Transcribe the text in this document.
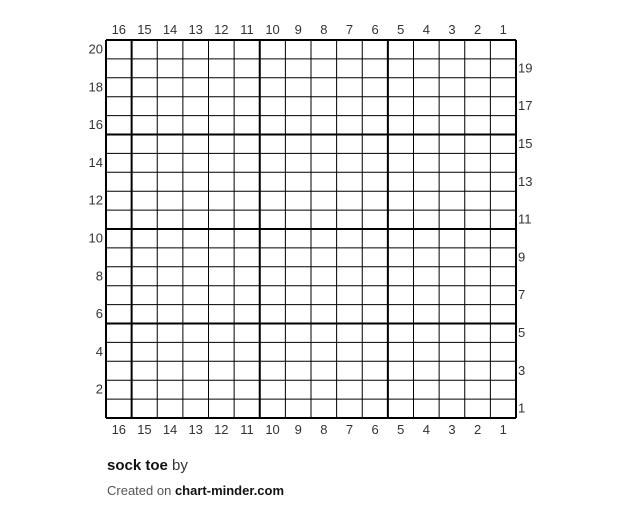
16
16
15
15
14
14
13
13
12
12
11
11
10
10
9
9
8
8
7
7
6
6
5
5
4
4
3
3
2
2
1
1
20
18
16
14
12
10
8
6
4
2
19
17
15
13
11
9
7
5
3
1
sock toe by
Created on chart-minder.com
